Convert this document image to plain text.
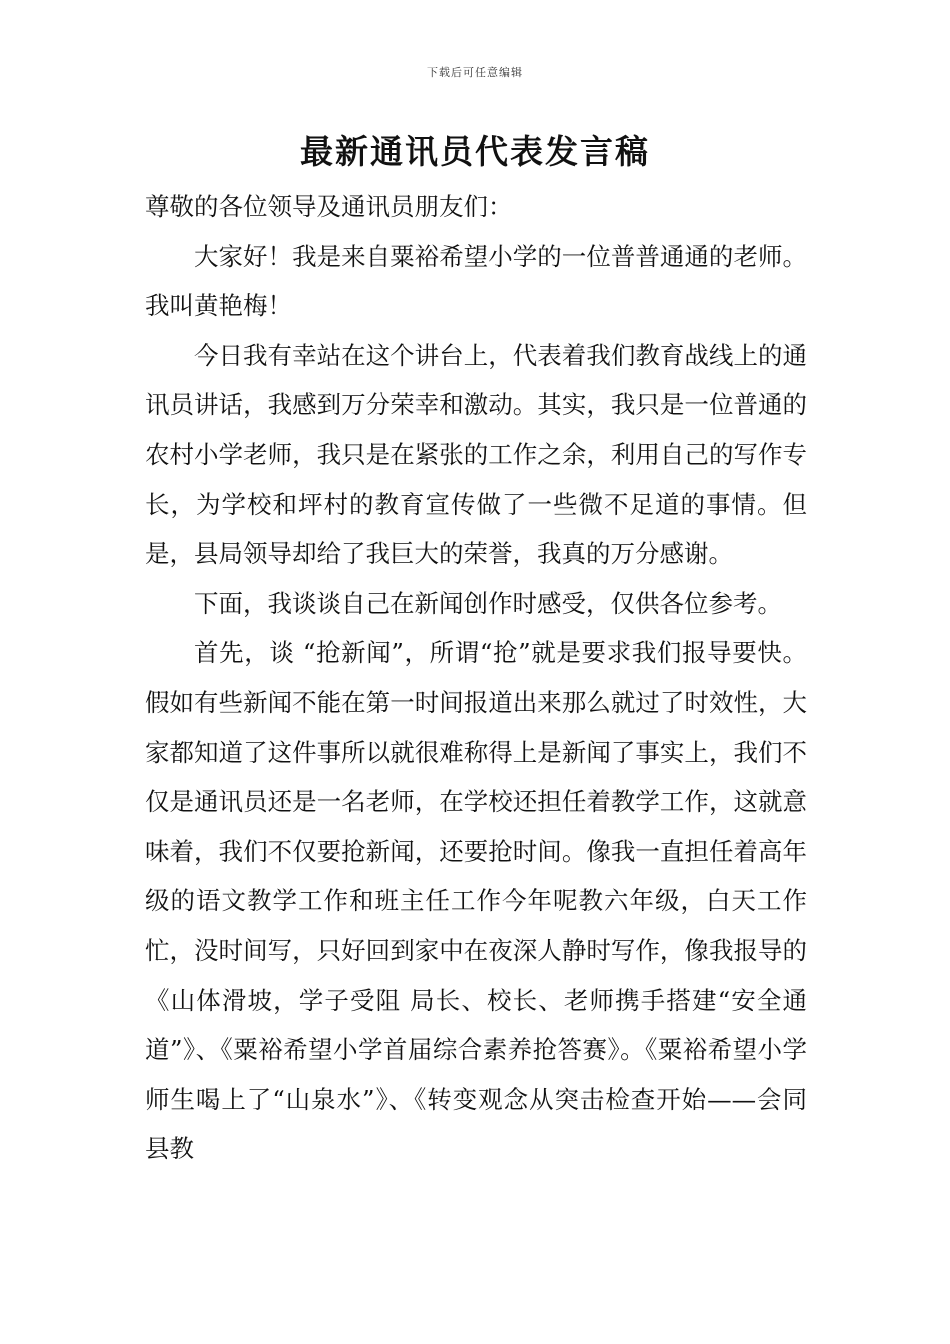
下载后可任意编辑
最新通讯员代表发言稿

尊敬的各位领导及通讯员朋友们：

大家好！我是来自粟裕希望小学的一位普普通通的老师。我叫黄艳梅！

今日我有幸站在这个讲台上，代表着我们教育战线上的通讯员讲话，我感到万分荣幸和激动。其实，我只是一位普通的农村小学老师，我只是在紧张的工作之余，利用自己的写作专长，为学校和坪村的教育宣传做了一些微不足道的事情。但是，县局领导却给了我巨大的荣誉，我真的万分感谢。

下面，我谈谈自己在新闻创作时感受，仅供各位参考。

首先，谈 “抢新闻”，所谓“抢”就是要求我们报导要快。假如有些新闻不能在第一时间报道出来那么就过了时效性，大家都知道了这件事所以就很难称得上是新闻了事实上，我们不仅是通讯员还是一名老师，在学校还担任着教学工作，这就意味着，我们不仅要抢新闻，还要抢时间。像我一直担任着高年级的语文教学工作和班主任工作今年呢教六年级，白天工作忙，没时间写，只好回到家中在夜深人静时写作，像我报导的《山体滑坡，学子受阻 局长、校长、老师携手搭建“安全通道”》、《粟裕希望小学首届综合素养抢答赛》。《粟裕希望小学师生喝上了“山泉水”》、《转变观念从突击检查开始——会同县教
